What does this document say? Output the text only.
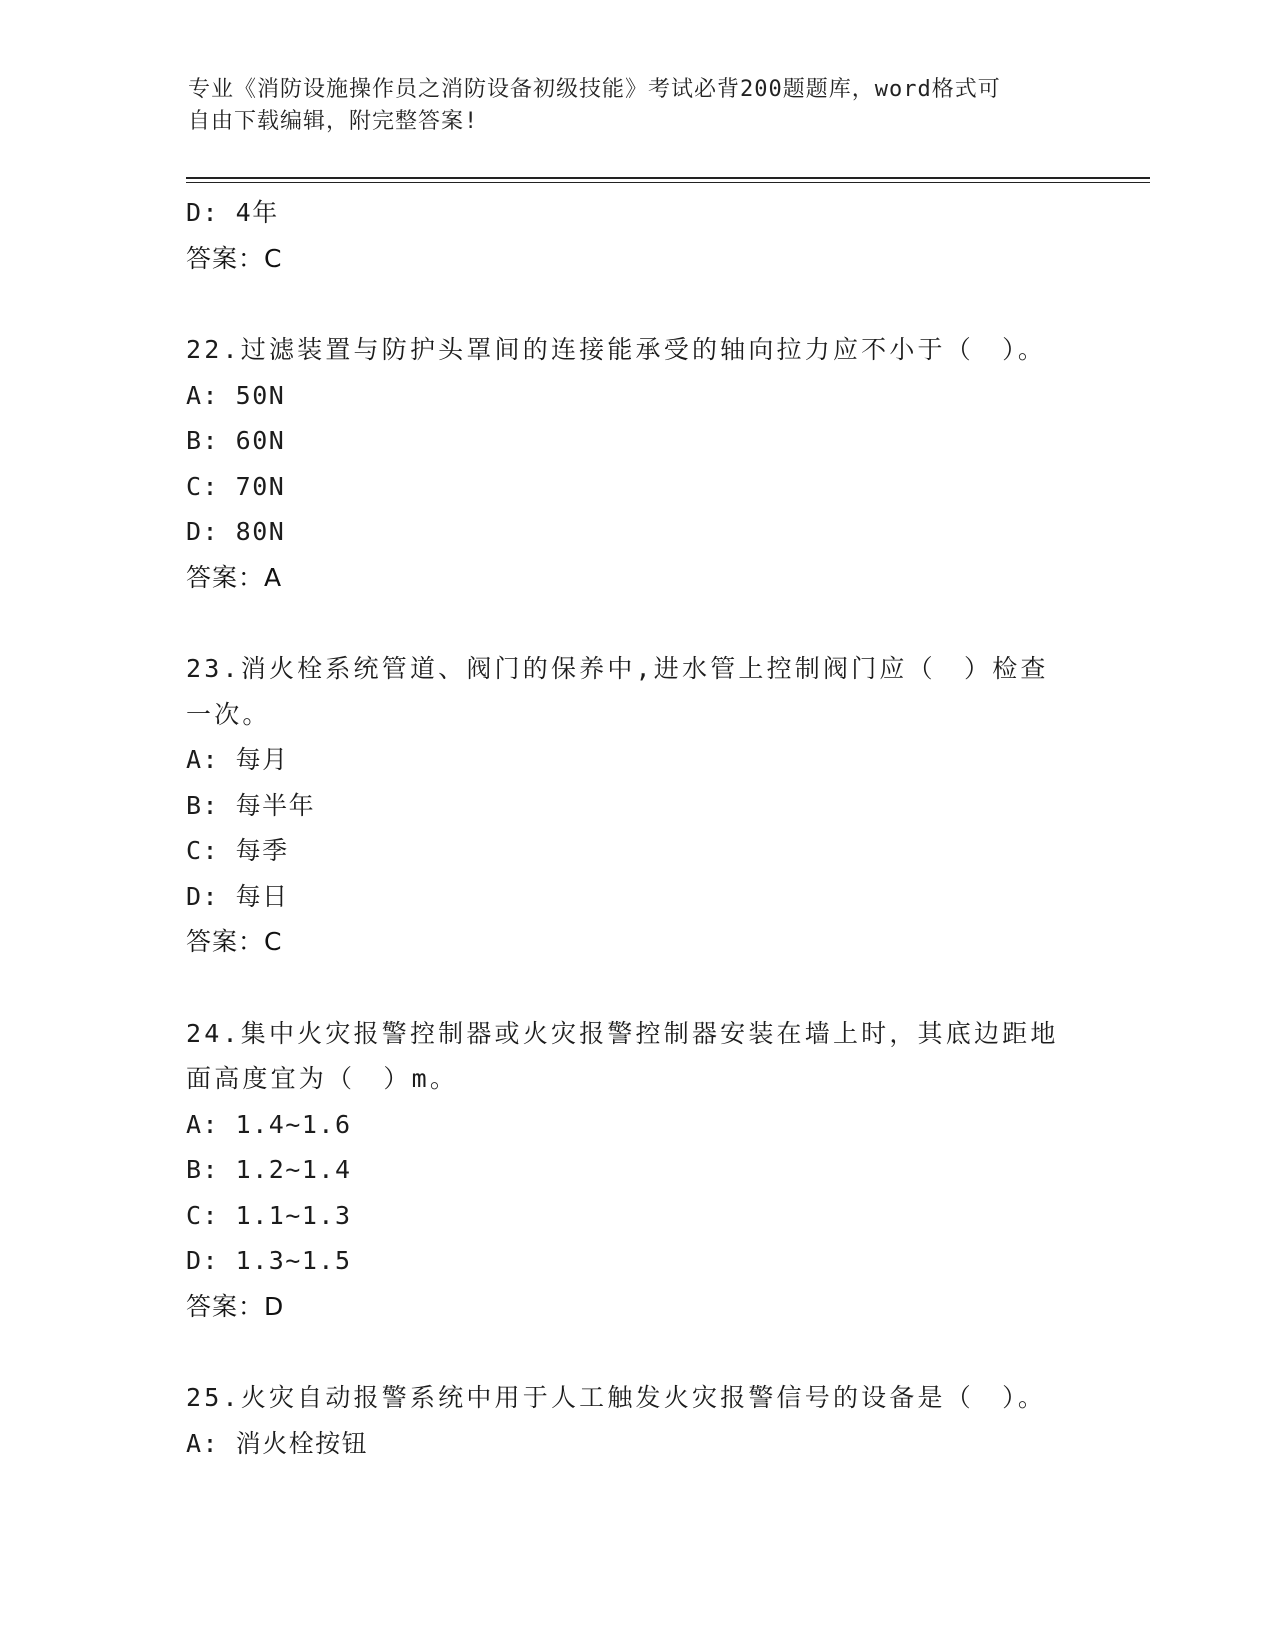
专业《消防设施操作员之消防设备初级技能》考试必背200题题库，word格式可
自由下载编辑，附完整答案!
D: 4年
答案：C
22.过滤装置与防护头罩间的连接能承受的轴向拉力应不小于（　）。
A: 50N
B: 60N
C: 70N
D: 80N
答案：A
23.消火栓系统管道、阀门的保养中,进水管上控制阀门应（　）检查
一次。
A: 每月
B: 每半年
C: 每季
D: 每日
答案：C
24.集中火灾报警控制器或火灾报警控制器安装在墙上时，其底边距地
面高度宜为（　）m。
A: 1.4~1.6
B: 1.2~1.4
C: 1.1~1.3
D: 1.3~1.5
答案：D
25.火灾自动报警系统中用于人工触发火灾报警信号的设备是（　）。
A: 消火栓按钮
